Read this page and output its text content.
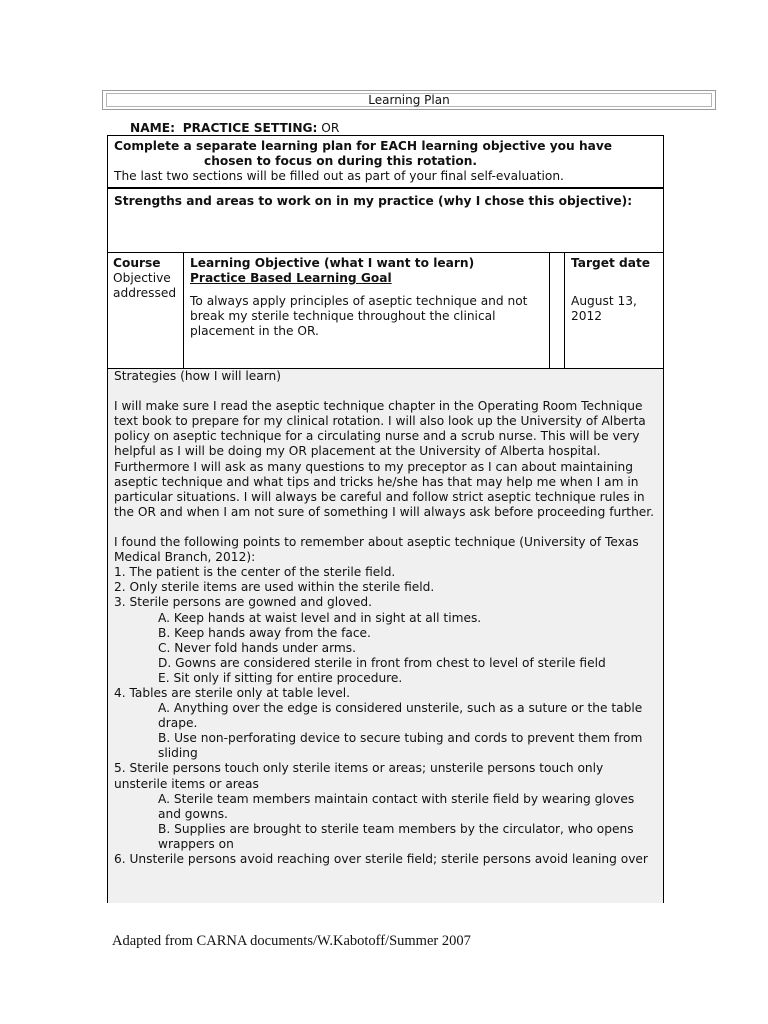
Learning Plan
NAME: PRACTICE SETTING: OR
Complete a separate learning plan for EACH learning objective you have
chosen to focus on during this rotation.
The last two sections will be filled out as part of your final self-evaluation.
Strengths and areas to work on in my practice (why I chose this objective):
Course
Objective
addressed
Learning Objective (what I want to learn)
Practice Based Learning Goal
To always apply principles of aseptic technique and not break my sterile technique throughout the clinical placement in the OR.
Target date
August 13,
2012

Strategies (how I will learn)

I will make sure I read the aseptic technique chapter in the Operating Room Technique text book to prepare for my clinical rotation. I will also look up the University of Alberta policy on aseptic technique for a circulating nurse and a scrub nurse. This will be very helpful as I will be doing my OR placement at the University of Alberta hospital. Furthermore I will ask as many questions to my preceptor as I can about maintaining aseptic technique and what tips and tricks he/she has that may help me when I am in particular situations. I will always be careful and follow strict aseptic technique rules in the OR and when I am not sure of something I will always ask before proceeding further.

I found the following points to remember about aseptic technique (University of Texas Medical Branch, 2012):

1. The patient is the center of the sterile field.

2. Only sterile items are used within the sterile field.

3. Sterile persons are gowned and gloved.

A. Keep hands at waist level and in sight at all times.

B. Keep hands away from the face.

C. Never fold hands under arms.

D. Gowns are considered sterile in front from chest to level of sterile field

E. Sit only if sitting for entire procedure.

4. Tables are sterile only at table level.

A. Anything over the edge is considered unsterile, such as a suture or the table drape.

B. Use non-perforating device to secure tubing and cords to prevent them from sliding

5. Sterile persons touch only sterile items or areas; unsterile persons touch only unsterile items or areas

A. Sterile team members maintain contact with sterile field by wearing gloves and gowns.

B. Supplies are brought to sterile team members by the circulator, who opens wrappers on

6. Unsterile persons avoid reaching over sterile field; sterile persons avoid leaning over

Adapted from CARNA documents/W.Kabotoff/Summer 2007
